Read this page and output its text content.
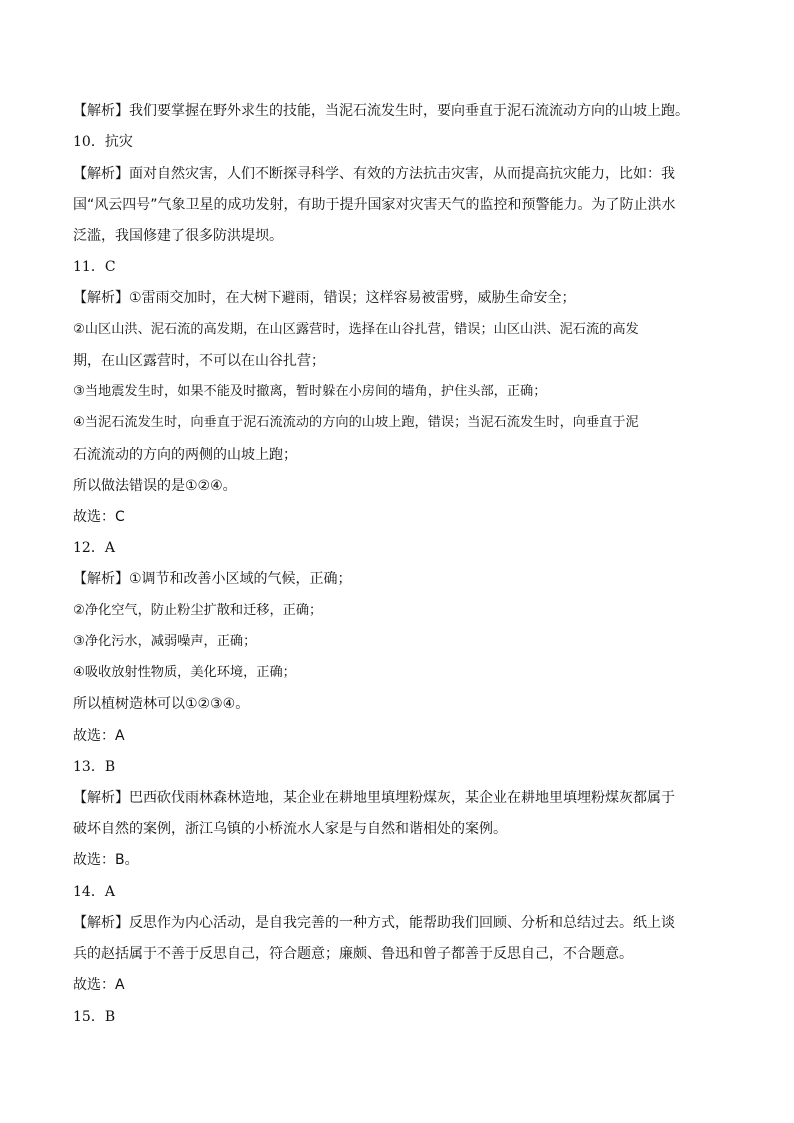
【解析】我们要掌握在野外求生的技能，当泥石流发生时，要向垂直于泥石流流动方向的山坡上跑。
10．抗灾
【解析】面对自然灾害，人们不断探寻科学、有效的方法抗击灾害，从而提高抗灾能力，比如：我
国“风云四号”气象卫星的成功发射，有助于提升国家对灾害天气的监控和预警能力。为了防止洪水
泛滥，我国修建了很多防洪堤坝。
11．C
【解析】①雷雨交加时，在大树下避雨，错误；这样容易被雷劈，威胁生命安全；
②山区山洪、泥石流的高发期，在山区露营时，选择在山谷扎营，错误；山区山洪、泥石流的高发
期，在山区露营时，不可以在山谷扎营；
③当地震发生时，如果不能及时撤离，暂时躲在小房间的墙角，护住头部，正确；
④当泥石流发生时，向垂直于泥石流流动的方向的山坡上跑，错误；当泥石流发生时，向垂直于泥
石流流动的方向的两侧的山坡上跑；
所以做法错误的是①②④。
故选：C
12．A
【解析】①调节和改善小区域的气候，正确；
②净化空气，防止粉尘扩散和迁移，正确；
③净化污水，减弱噪声，正确；
④吸收放射性物质，美化环境，正确；
所以植树造林可以①②③④。
故选：A
13．B
【解析】巴西砍伐雨林森林造地，某企业在耕地里填埋粉煤灰，某企业在耕地里填埋粉煤灰都属于
破坏自然的案例，浙江乌镇的小桥流水人家是与自然和谐相处的案例。
故选：B。
14．A
【解析】反思作为内心活动，是自我完善的一种方式，能帮助我们回顾、分析和总结过去。纸上谈
兵的赵括属于不善于反思自己，符合题意；廉颇、鲁迅和曾子都善于反思自己，不合题意。
故选：A
15．B
